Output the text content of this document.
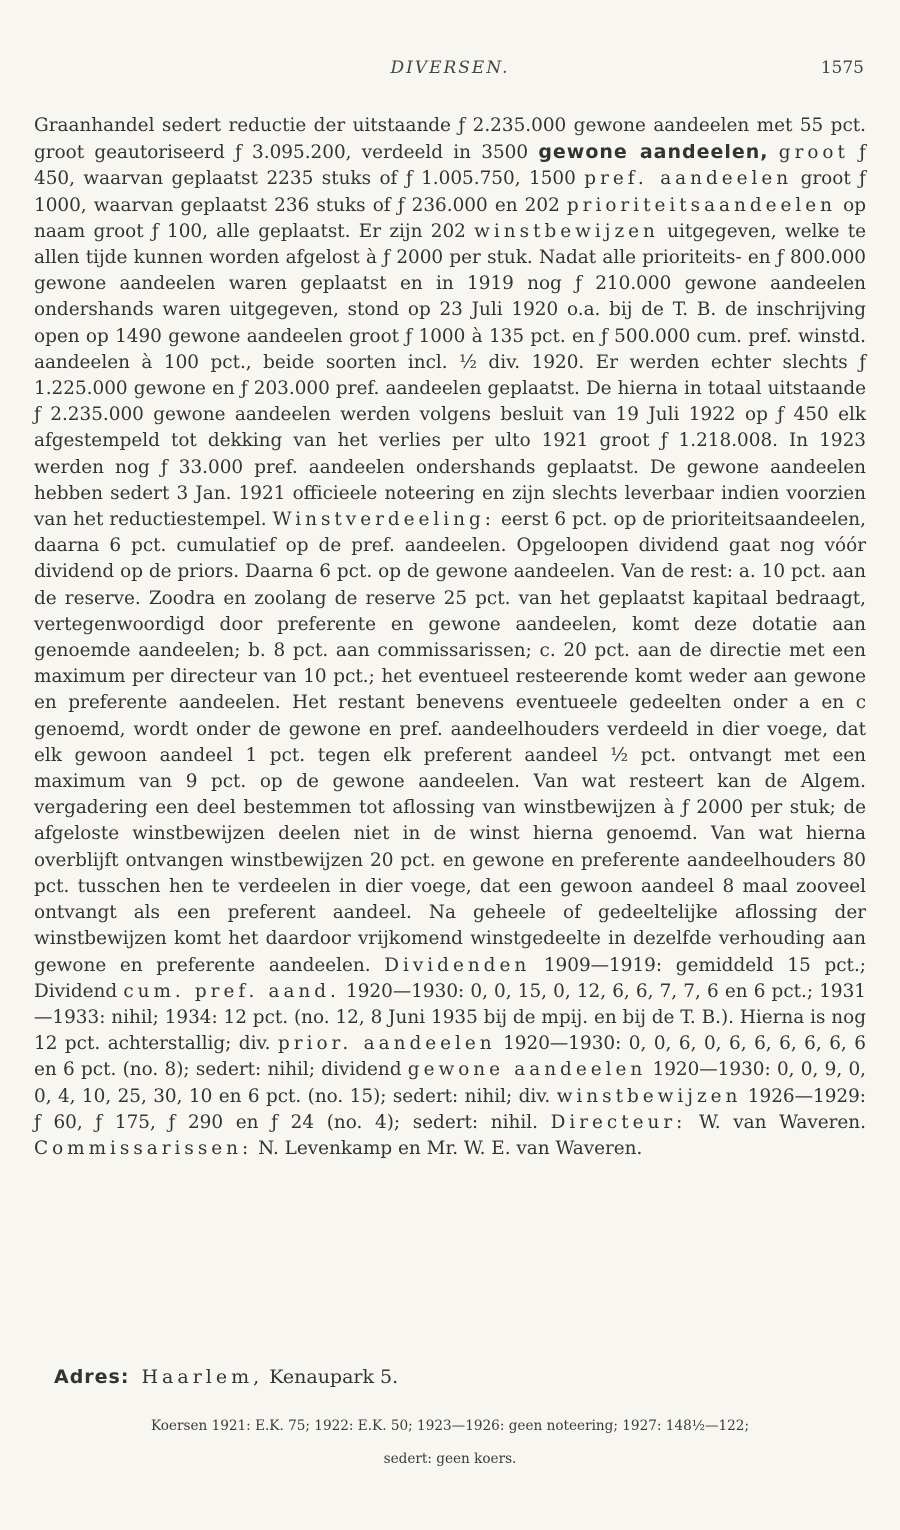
DIVERSEN.	1575

Graanhandel sedert reductie der uitstaande ƒ 2.235.000 gewone aandeelen met 55 pct. groot geautoriseerd ƒ 3.095.200, verdeeld in 3500 gewone aandeelen, groot ƒ 450, waarvan geplaatst 2235 stuks of ƒ 1.005.750, 1500 pref. aandeelen groot ƒ 1000, waarvan geplaatst 236 stuks of ƒ 236.000 en 202 prioriteitsaandeelen op naam groot ƒ 100, alle geplaatst. Er zijn 202 winstbewijzen uitgegeven, welke te allen tijde kunnen worden afgelost à ƒ 2000 per stuk. Nadat alle prioriteits- en ƒ 800.000 gewone aandeelen waren geplaatst en in 1919 nog ƒ 210.000 gewone aandeelen ondershands waren uitgegeven, stond op 23 Juli 1920 o.a. bij de T. B. de inschrijving open op 1490 gewone aandeelen groot ƒ 1000 à 135 pct. en ƒ 500.000 cum. pref. winstd. aandeelen à 100 pct., beide soorten incl. ½ div. 1920. Er werden echter slechts ƒ 1.225.000 gewone en ƒ 203.000 pref. aandeelen geplaatst. De hierna in totaal uitstaande ƒ 2.235.000 gewone aandeelen werden volgens besluit van 19 Juli 1922 op ƒ 450 elk afgestempeld tot dekking van het verlies per ulto 1921 groot ƒ 1.218.008. In 1923 werden nog ƒ 33.000 pref. aandeelen ondershands geplaatst. De gewone aandeelen hebben sedert 3 Jan. 1921 officieele noteering en zijn slechts leverbaar indien voorzien van het reductiestempel. Winstverdeeling: eerst 6 pct. op de prioriteitsaandeelen, daarna 6 pct. cumulatief op de pref. aandeelen. Opgeloopen dividend gaat nog vóór dividend op de priors. Daarna 6 pct. op de gewone aandeelen. Van de rest: a. 10 pct. aan de reserve. Zoodra en zoolang de reserve 25 pct. van het geplaatst kapitaal bedraagt, vertegenwoordigd door preferente en gewone aandeelen, komt deze dotatie aan genoemde aandeelen; b. 8 pct. aan commissarissen; c. 20 pct. aan de directie met een maximum per directeur van 10 pct.; het eventueel resteerende komt weder aan gewone en preferente aandeelen. Het restant benevens eventueele gedeelten onder a en c genoemd, wordt onder de gewone en pref. aandeelhouders verdeeld in dier voege, dat elk gewoon aandeel 1 pct. tegen elk preferent aandeel ½ pct. ontvangt met een maximum van 9 pct. op de gewone aandeelen. Van wat resteert kan de Algem. vergadering een deel bestemmen tot aflossing van winstbewijzen à ƒ 2000 per stuk; de afgeloste winstbewijzen deelen niet in de winst hierna genoemd. Van wat hierna overblijft ontvangen winstbewijzen 20 pct. en gewone en preferente aandeelhouders 80 pct. tusschen hen te verdeelen in dier voege, dat een gewoon aandeel 8 maal zooveel ontvangt als een preferent aandeel. Na geheele of gedeeltelijke aflossing der winstbewijzen komt het daardoor vrijkomend winstgedeelte in dezelfde verhouding aan gewone en preferente aandeelen. Dividenden 1909—1919: gemiddeld 15 pct.; Dividend cum. pref. aand. 1920—1930: 0, 0, 15, 0, 12, 6, 6, 7, 7, 6 en 6 pct.; 1931—1933: nihil; 1934: 12 pct. (no. 12, 8 Juni 1935 bij de mpij. en bij de T. B.). Hierna is nog 12 pct. achterstallig; div. prior. aandeelen 1920—1930: 0, 0, 6, 0, 6, 6, 6, 6, 6, 6 en 6 pct. (no. 8); sedert: nihil; dividend gewone aandeelen 1920—1930: 0, 0, 9, 0, 0, 4, 10, 25, 30, 10 en 6 pct. (no. 15); sedert: nihil; div. winstbewijzen 1926—1929: ƒ 60, ƒ 175, ƒ 290 en ƒ 24 (no. 4); sedert: nihil. Directeur: W. van Waveren. Commissarissen: N. Levenkamp en Mr. W. E. van Waveren.

Adres: Haarlem, Kenaupark 5.

Koersen 1921: E.K. 75; 1922: E.K. 50; 1923—1926: geen noteering; 1927: 148½—122;
sedert: geen koers.
